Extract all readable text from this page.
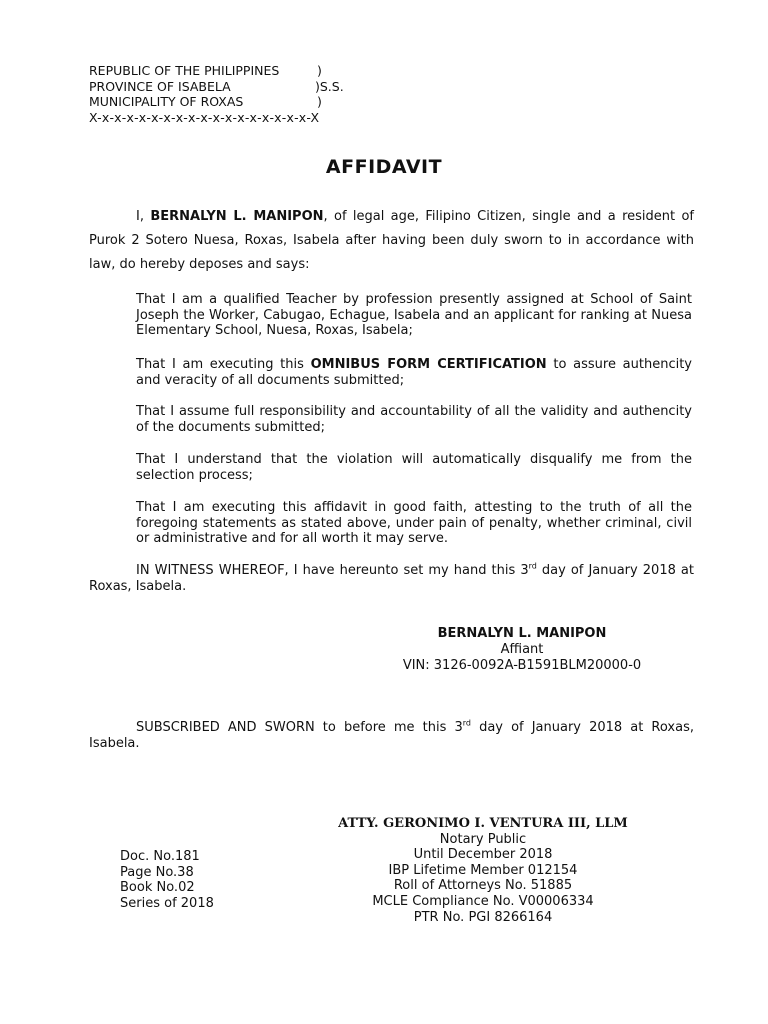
REPUBLIC OF THE PHILIPPINES	)
PROVINCE OF ISABELA	)S.S.
MUNICIPALITY OF ROXAS	)
X-x-x-x-x-x-x-x-x-x-x-x-x-x-x-x-x-x-X
AFFIDAVIT
I, BERNALYN L. MANIPON, of legal age, Filipino Citizen, single and a resident of Purok 2 Sotero Nuesa, Roxas, Isabela after having been duly sworn to in accordance with law, do hereby deposes and says:

That I am a qualified Teacher by profession presently assigned at School of Saint Joseph the Worker, Cabugao, Echague, Isabela and an applicant for ranking at Nuesa Elementary School, Nuesa, Roxas, Isabela;

That I am executing this OMNIBUS FORM CERTIFICATION to assure authencity and veracity of all documents submitted;

That I assume full responsibility and accountability of all the validity and authencity of the documents submitted;

That I understand that the violation will automatically disqualify me from the selection process;

That I am executing this affidavit in good faith, attesting to the truth of all the foregoing statements as stated above, under pain of penalty, whether criminal, civil or administrative and for all worth it may serve.

IN WITNESS WHEREOF, I have hereunto set my hand this 3rd day of January 2018 at Roxas, Isabela.
BERNALYN L. MANIPON
Affiant
VIN: 3126-0092A-B1591BLM20000-0
SUBSCRIBED AND SWORN to before me this 3rd day of January 2018 at Roxas, Isabela.
ATTY. GERONIMO I. VENTURA III, LLM
Notary Public
Until December 2018
IBP Lifetime Member 012154
Roll of Attorneys No. 51885
MCLE Compliance No. V00006334
PTR No. PGI 8266164
Doc. No.181
Page No.38
Book No.02
Series of 2018
